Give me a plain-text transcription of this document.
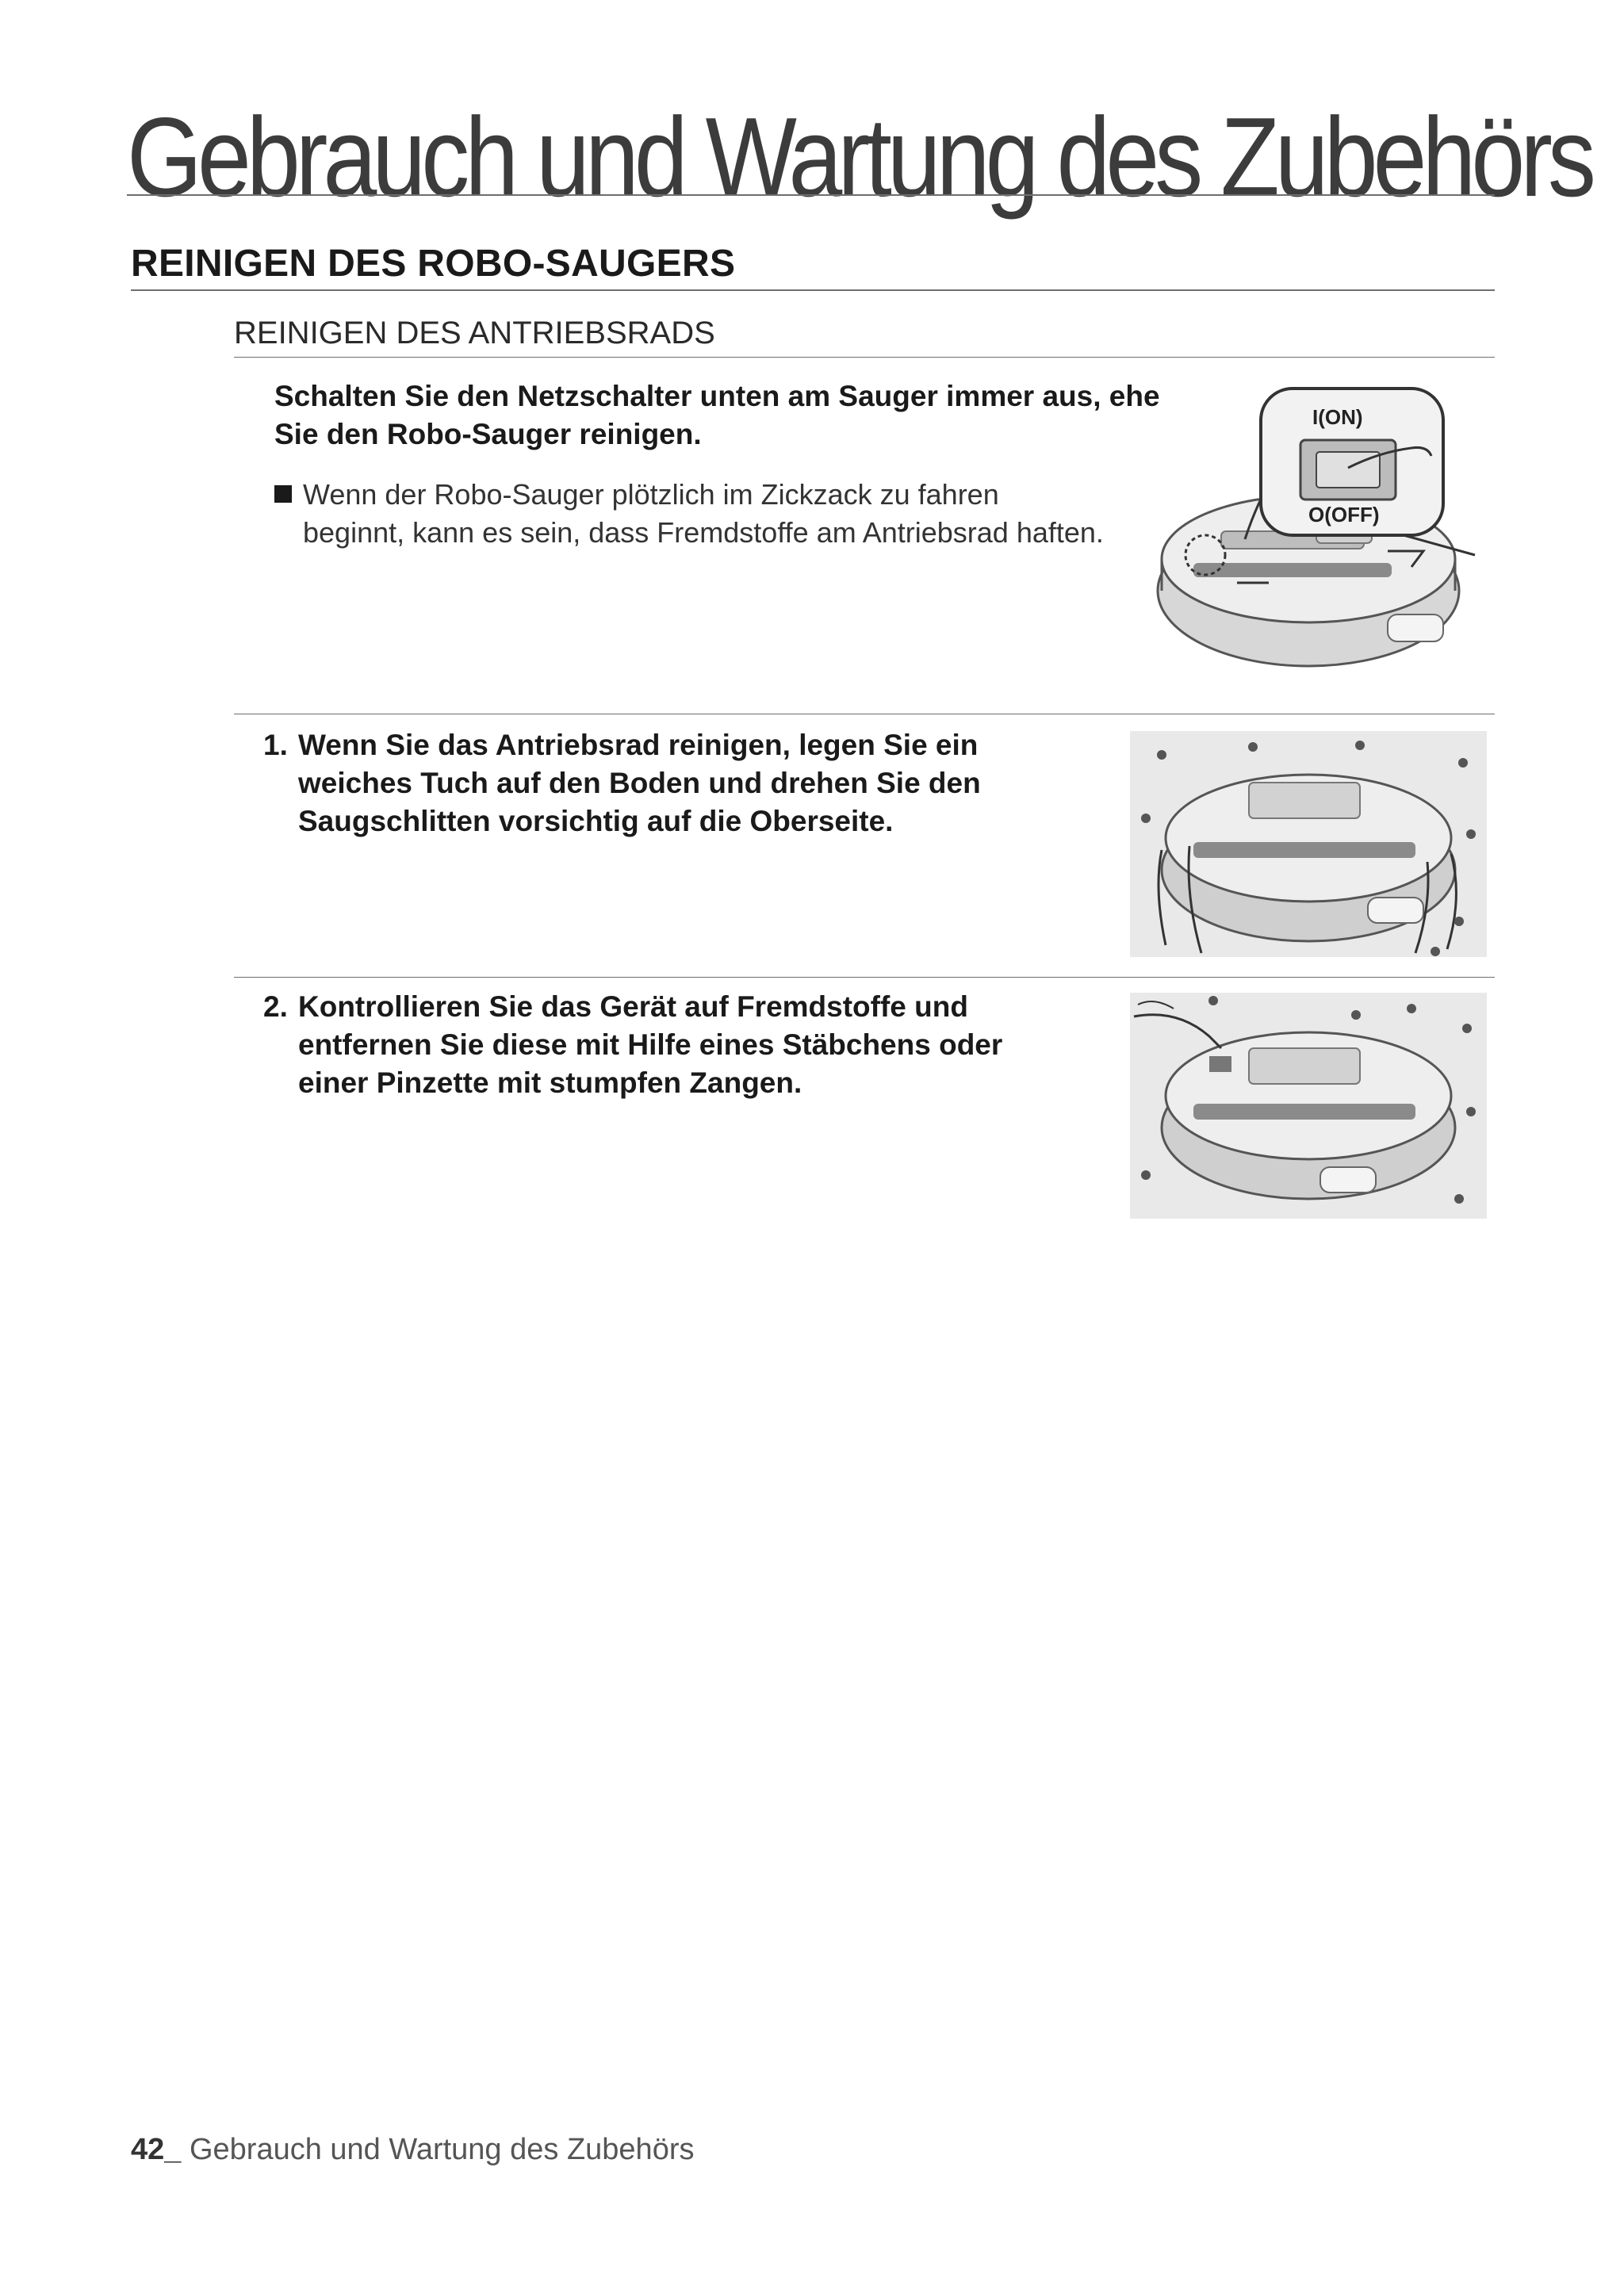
Gebrauch und Wartung des Zubehörs
REINIGEN DES ROBO-SAUGERS
REINIGEN DES ANTRIEBSRADS
Schalten Sie den Netzschalter unten am Sauger immer aus, ehe Sie den Robo-Sauger reinigen.
Wenn der Robo-Sauger plötzlich im Zickzack zu fahren
beginnt, kann es sein, dass Fremdstoffe am Antriebsrad haften.
I(ON)
O(OFF)
1. Wenn Sie das Antriebsrad reinigen, legen Sie ein weiches Tuch auf den Boden und drehen Sie den Saugschlitten vorsichtig auf die Oberseite.
2. Kontrollieren Sie das Gerät auf Fremdstoffe und entfernen Sie diese mit Hilfe eines Stäbchens oder einer Pinzette mit stumpfen Zangen.
42_ Gebrauch und Wartung des Zubehörs
